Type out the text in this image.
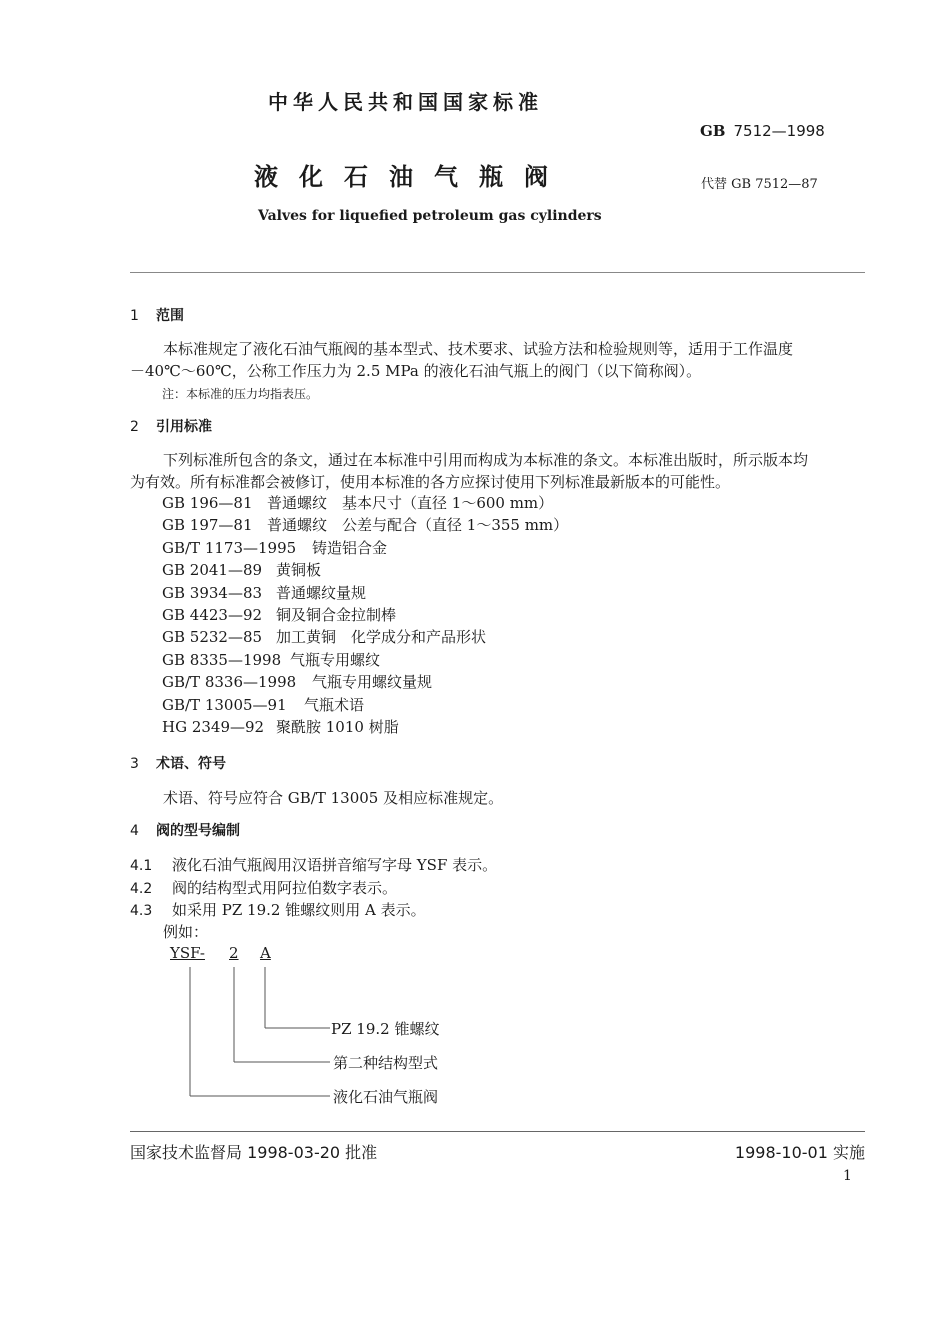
中华人民共和国国家标准
GB 7512—1998
液化石油气瓶阀	代替 GB 7512—87
Valves for liquefied petroleum gas cylinders
1 范围
本标准规定了液化石油气瓶阀的基本型式、技术要求、试验方法和检验规则等，适用于工作温度
－40℃～60℃，公称工作压力为 2.5 MPa 的液化石油气瓶上的阀门（以下简称阀）。
注：本标准的压力均指表压。
2 引用标准
下列标准所包含的条文，通过在本标准中引用而构成为本标准的条文。本标准出版时，所示版本均
为有效。所有标准都会被修订，使用本标准的各方应探讨使用下列标准最新版本的可能性。
GB 196—81 普通螺纹　基本尺寸（直径 1～600 mm）
GB 197—81 普通螺纹　公差与配合（直径 1～355 mm）
GB/T 1173—1995 铸造铝合金
GB 2041—89 黄铜板
GB 3934—83 普通螺纹量规
GB 4423—92 铜及铜合金拉制棒
GB 5232—85 加工黄铜　化学成分和产品形状
GB 8335—1998 气瓶专用螺纹
GB/T 8336—1998 气瓶专用螺纹量规
GB/T 13005—91 气瓶术语
HG 2349—92 聚酰胺 1010 树脂
3 术语、符号
术语、符号应符合 GB/T 13005 及相应标准规定。
4 阀的型号编制
4.1 液化石油气瓶阀用汉语拼音缩写字母 YSF 表示。
4.2 阀的结构型式用阿拉伯数字表示。
4.3 如采用 PZ 19.2 锥螺纹则用 A 表示。
例如：
YSF- 2 A
PZ 19.2 锥螺纹
第二种结构型式
液化石油气瓶阀
国家技术监督局 1998-03-20 批准	1998-10-01 实施
1
